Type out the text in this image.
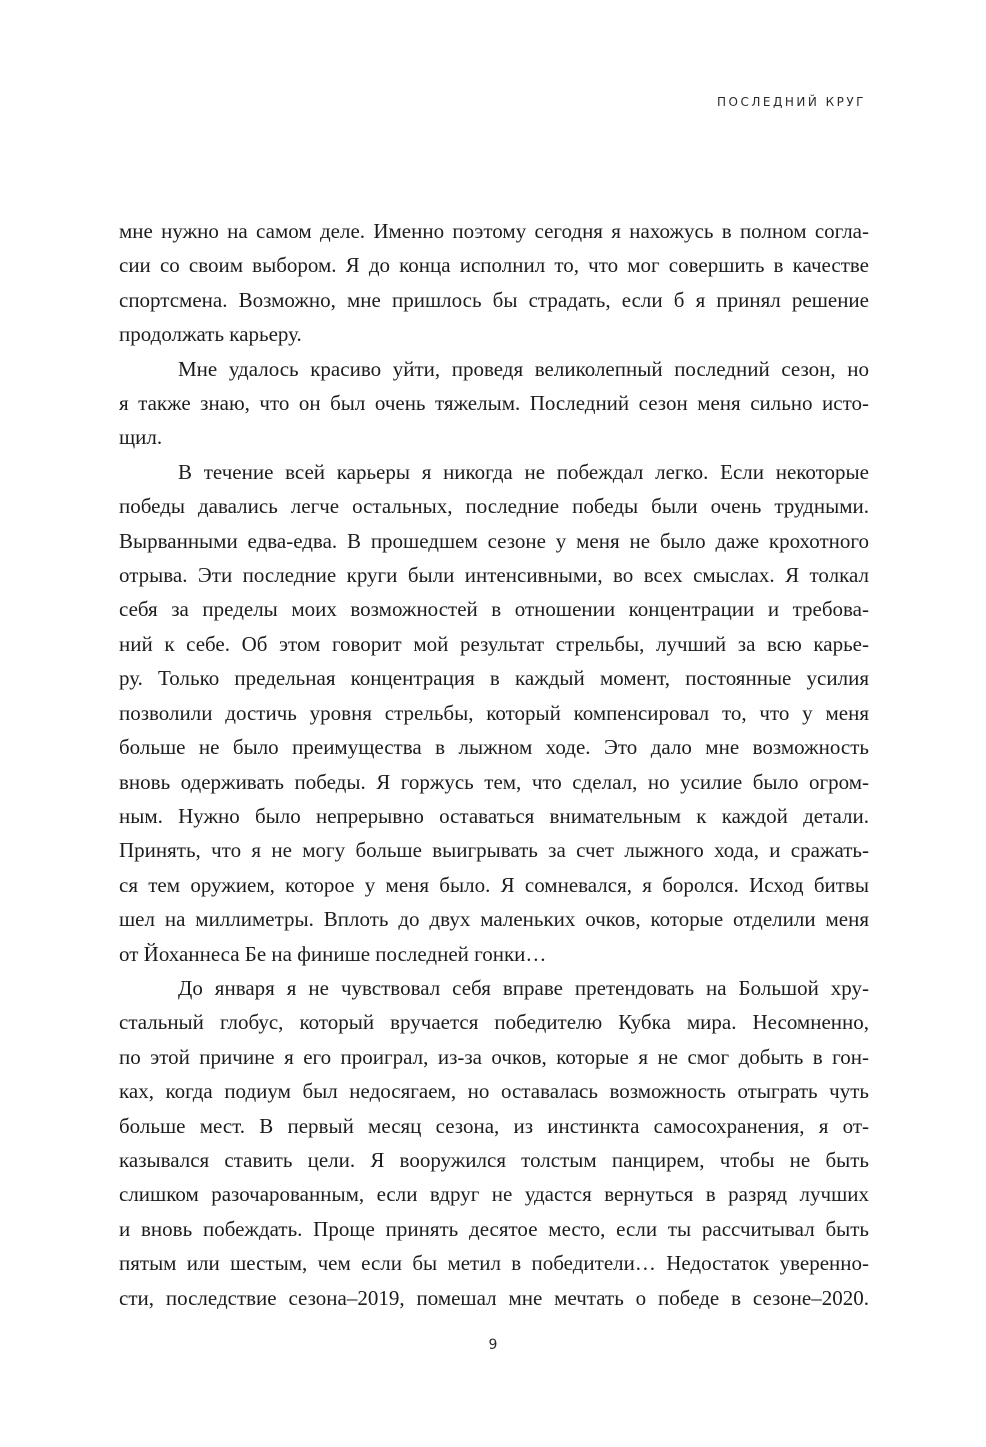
ПОСЛЕДНИЙ КРУГ

мне нужно на самом деле. Именно поэтому сегодня я нахожусь в полном согла-
сии со своим выбором. Я до конца исполнил то, что мог совершить в качестве
спортсмена. Возможно, мне пришлось бы страдать, если б я принял решение
продолжать карьеру.

Мне удалось красиво уйти, проведя великолепный последний сезон, но
я также знаю, что он был очень тяжелым. Последний сезон меня сильно исто-
щил.

В течение всей карьеры я никогда не побеждал легко. Если некоторые
победы давались легче остальных, последние победы были очень трудными.
Вырванными едва-едва. В прошедшем сезоне у меня не было даже крохотного
отрыва. Эти последние круги были интенсивными, во всех смыслах. Я толкал
себя за пределы моих возможностей в отношении концентрации и требова-
ний к себе. Об этом говорит мой результат стрельбы, лучший за всю карье-
ру. Только предельная концентрация в каждый момент, постоянные усилия
позволили достичь уровня стрельбы, который компенсировал то, что у меня
больше не было преимущества в лыжном ходе. Это дало мне возможность
вновь одерживать победы. Я горжусь тем, что сделал, но усилие было огром-
ным. Нужно было непрерывно оставаться внимательным к каждой детали.
Принять, что я не могу больше выигрывать за счет лыжного хода, и сражать-
ся тем оружием, которое у меня было. Я сомневался, я боролся. Исход битвы
шел на миллиметры. Вплоть до двух маленьких очков, которые отделили меня
от Йоханнеса Бе на финише последней гонки…

До января я не чувствовал себя вправе претендовать на Большой хру-
стальный глобус, который вручается победителю Кубка мира. Несомненно,
по этой причине я его проиграл, из-за очков, которые я не смог добыть в гон-
ках, когда подиум был недосягаем, но оставалась возможность отыграть чуть
больше мест. В первый месяц сезона, из инстинкта самосохранения, я от-
казывался ставить цели. Я вооружился толстым панцирем, чтобы не быть
слишком разочарованным, если вдруг не удастся вернуться в разряд лучших
и вновь побеждать. Проще принять десятое место, если ты рассчитывал быть
пятым или шестым, чем если бы метил в победители… Недостаток уверенно-
сти, последствие сезона–2019, помешал мне мечтать о победе в сезоне–2020.

9
